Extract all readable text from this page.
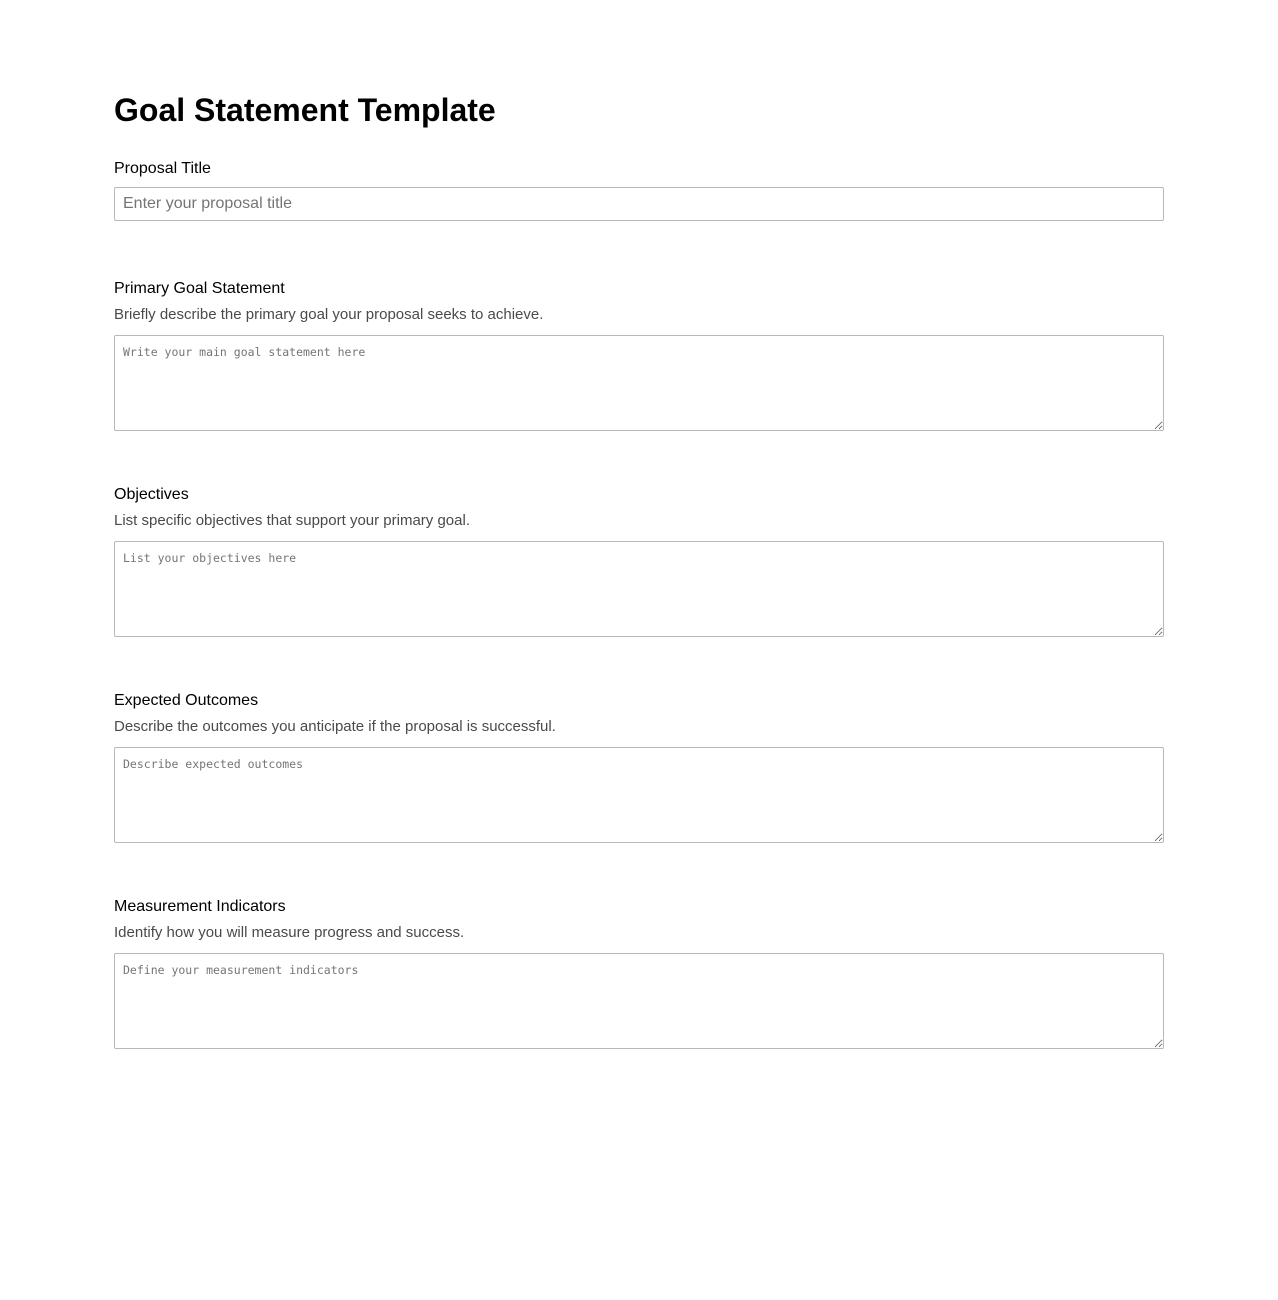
Goal Statement Template
Proposal Title
Enter your proposal title
Primary Goal Statement

Briefly describe the primary goal your proposal seeks to achieve.

Write your main goal statement here
Objectives

List specific objectives that support your primary goal.

List your objectives here
Expected Outcomes

Describe the outcomes you anticipate if the proposal is successful.

Describe expected outcomes
Measurement Indicators

Identify how you will measure progress and success.

Define your measurement indicators
